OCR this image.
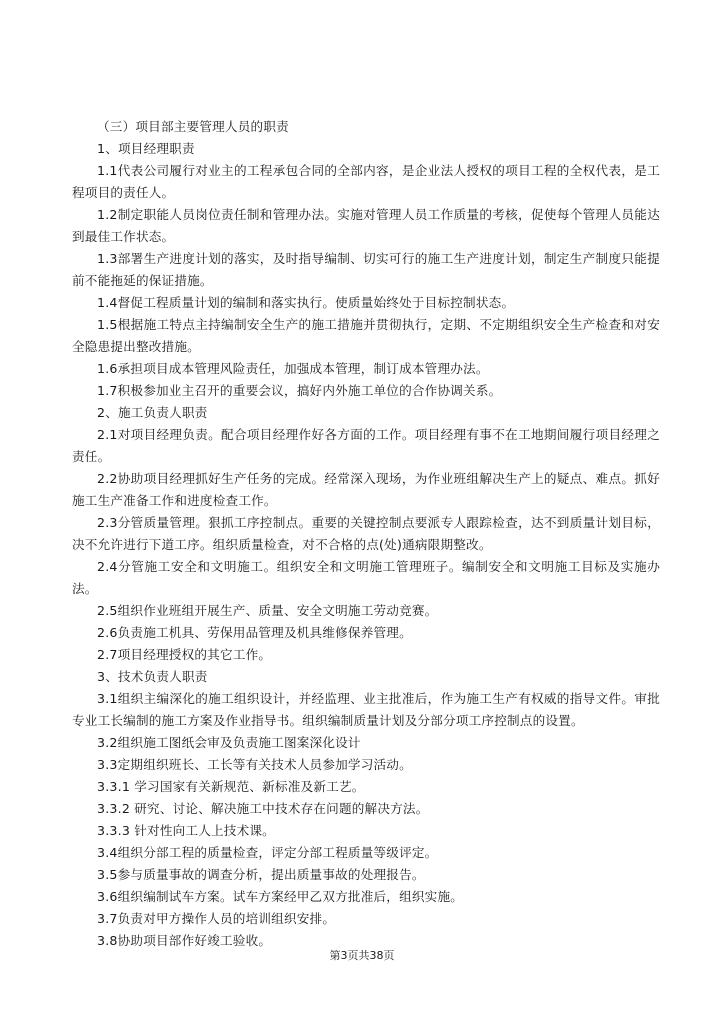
（三）项目部主要管理人员的职责

1、项目经理职责

1.1代表公司履行对业主的工程承包合同的全部内容，是企业法人授权的项目工程的全权代表，是工程项目的责任人。

1.2制定职能人员岗位责任制和管理办法。实施对管理人员工作质量的考核，促使每个管理人员能达到最佳工作状态。

1.3部署生产进度计划的落实，及时指导编制、切实可行的施工生产进度计划，制定生产制度只能提前不能拖延的保证措施。

1.4督促工程质量计划的编制和落实执行。使质量始终处于目标控制状态。

1.5根据施工特点主持编制安全生产的施工措施并贯彻执行，定期、不定期组织安全生产检查和对安全隐患提出整改措施。

1.6承担项目成本管理风险责任，加强成本管理，制订成本管理办法。

1.7积极参加业主召开的重要会议，搞好内外施工单位的合作协调关系。

2、施工负责人职责

2.1对项目经理负责。配合项目经理作好各方面的工作。项目经理有事不在工地期间履行项目经理之责任。

2.2协助项目经理抓好生产任务的完成。经常深入现场，为作业班组解决生产上的疑点、难点。抓好施工生产准备工作和进度检查工作。

2.3分管质量管理。狠抓工序控制点。重要的关键控制点要派专人跟踪检查，达不到质量计划目标，决不允许进行下道工序。组织质量检查，对不合格的点(处)通病限期整改。

2.4分管施工安全和文明施工。组织安全和文明施工管理班子。编制安全和文明施工目标及实施办法。

2.5组织作业班组开展生产、质量、安全文明施工劳动竞赛。

2.6负责施工机具、劳保用品管理及机具维修保养管理。

2.7项目经理授权的其它工作。

3、技术负责人职责

3.1组织主编深化的施工组织设计，并经监理、业主批准后，作为施工生产有权威的指导文件。审批专业工长编制的施工方案及作业指导书。组织编制质量计划及分部分项工序控制点的设置。

3.2组织施工图纸会审及负责施工图案深化设计

3.3定期组织班长、工长等有关技术人员参加学习活动。

3.3.1 学习国家有关新规范、新标准及新工艺。

3.3.2 研究、讨论、解决施工中技术存在问题的解决方法。

3.3.3 针对性向工人上技术课。

3.4组织分部工程的质量检查，评定分部工程质量等级评定。

3.5参与质量事故的调查分析，提出质量事故的处理报告。

3.6组织编制试车方案。试车方案经甲乙双方批准后，组织实施。

3.7负责对甲方操作人员的培训组织安排。

3.8协助项目部作好竣工验收。

第3页共38页
